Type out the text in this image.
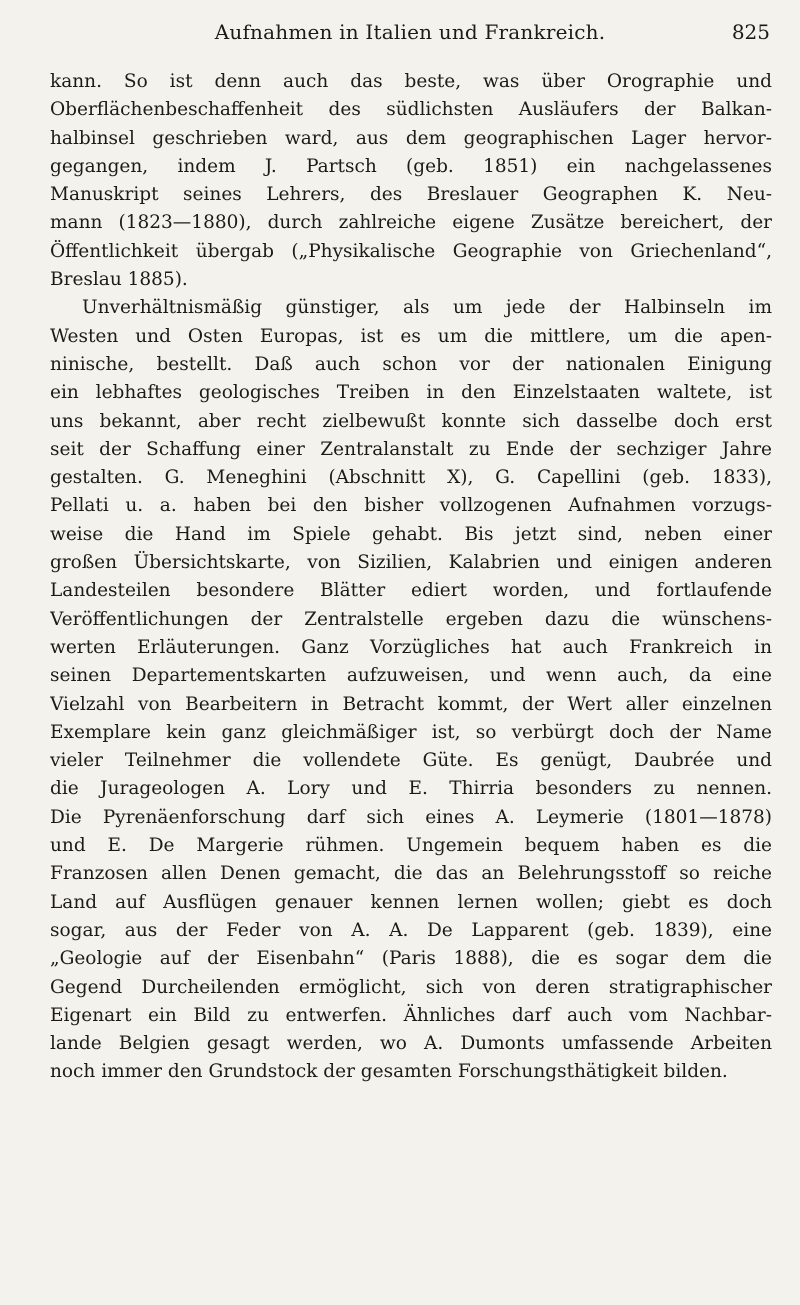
Aufnahmen in Italien und Frankreich.	825
kann. So ist denn auch das beste, was über Orographie und
Oberflächenbeschaffenheit des südlichsten Ausläufers der Balkan-
halbinsel geschrieben ward, aus dem geographischen Lager hervor-
gegangen, indem J. Partsch (geb. 1851) ein nachgelassenes
Manuskript seines Lehrers, des Breslauer Geographen K. Neu-
mann (1823—1880), durch zahlreiche eigene Zusätze bereichert, der
Öffentlichkeit übergab („Physikalische Geographie von Griechenland“,
Breslau 1885).
Unverhältnismäßig günstiger, als um jede der Halbinseln im
Westen und Osten Europas, ist es um die mittlere, um die apen-
ninische, bestellt. Daß auch schon vor der nationalen Einigung
ein lebhaftes geologisches Treiben in den Einzelstaaten waltete, ist
uns bekannt, aber recht zielbewußt konnte sich dasselbe doch erst
seit der Schaffung einer Zentralanstalt zu Ende der sechziger Jahre
gestalten. G. Meneghini (Abschnitt X), G. Capellini (geb. 1833),
Pellati u. a. haben bei den bisher vollzogenen Aufnahmen vorzugs-
weise die Hand im Spiele gehabt. Bis jetzt sind, neben einer
großen Übersichtskarte, von Sizilien, Kalabrien und einigen anderen
Landesteilen besondere Blätter ediert worden, und fortlaufende
Veröffentlichungen der Zentralstelle ergeben dazu die wünschens-
werten Erläuterungen. Ganz Vorzügliches hat auch Frankreich in
seinen Departementskarten aufzuweisen, und wenn auch, da eine
Vielzahl von Bearbeitern in Betracht kommt, der Wert aller einzelnen
Exemplare kein ganz gleichmäßiger ist, so verbürgt doch der Name
vieler Teilnehmer die vollendete Güte. Es genügt, Daubrée und
die Jurageologen A. Lory und E. Thirria besonders zu nennen.
Die Pyrenäenforschung darf sich eines A. Leymerie (1801—1878)
und E. De Margerie rühmen. Ungemein bequem haben es die
Franzosen allen Denen gemacht, die das an Belehrungsstoff so reiche
Land auf Ausflügen genauer kennen lernen wollen; giebt es doch
sogar, aus der Feder von A. A. De Lapparent (geb. 1839), eine
„Geologie auf der Eisenbahn“ (Paris 1888), die es sogar dem die
Gegend Durcheilenden ermöglicht, sich von deren stratigraphischer
Eigenart ein Bild zu entwerfen. Ähnliches darf auch vom Nachbar-
lande Belgien gesagt werden, wo A. Dumonts umfassende Arbeiten
noch immer den Grundstock der gesamten Forschungsthätigkeit bilden.
